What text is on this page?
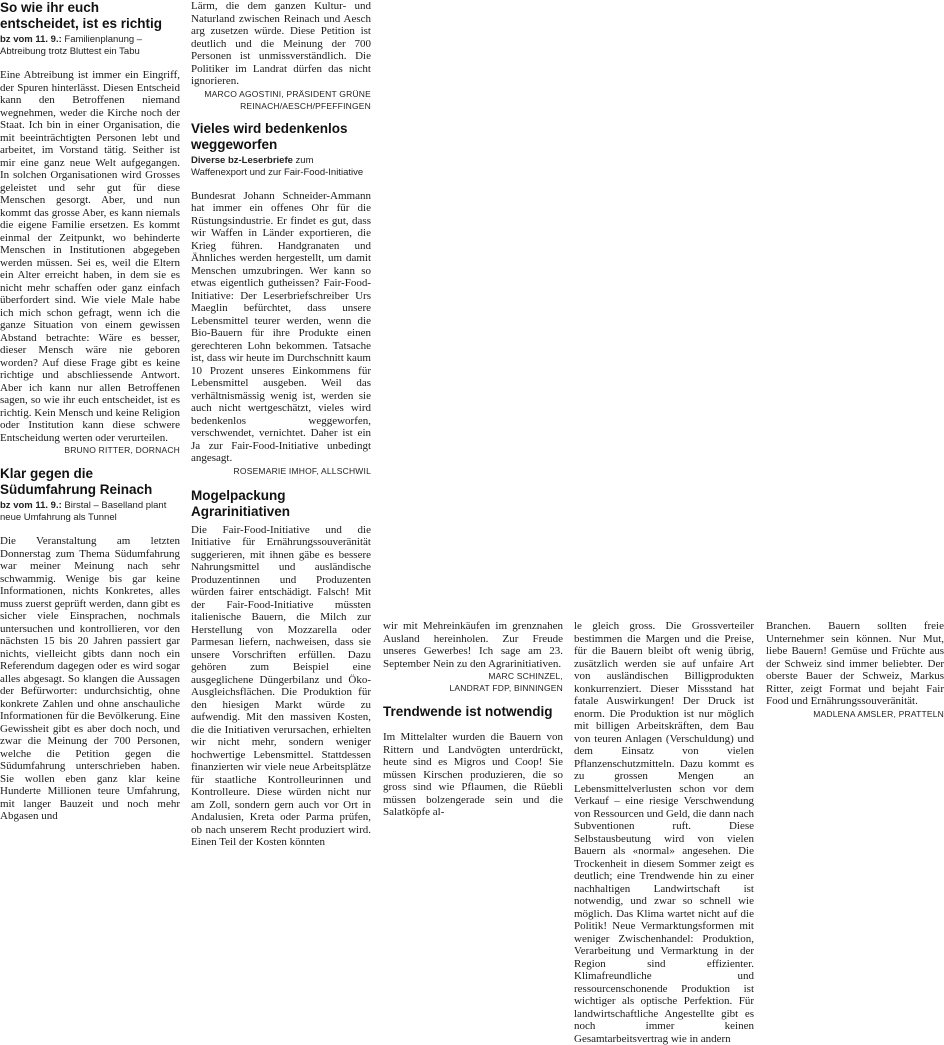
So wie ihr euch entscheidet, ist es richtig

bz vom 11. 9.: Familienplanung – Abtreibung trotz Bluttest ein Tabu

Eine Abtreibung ist immer ein Eingriff, der Spuren hinterlässt. Diesen Entscheid kann den Betroffenen niemand wegnehmen, weder die Kirche noch der Staat. Ich bin in einer Organisation, die mit beeinträchtigten Personen lebt und arbeitet, im Vorstand tätig. Seither ist mir eine ganz neue Welt aufgegangen. In solchen Organisationen wird Grosses geleistet und sehr gut für diese Menschen gesorgt. Aber, und nun kommt das grosse Aber, es kann niemals die eigene Familie ersetzen. Es kommt einmal der Zeitpunkt, wo behinderte Menschen in Institutionen abgegeben werden müssen. Sei es, weil die Eltern ein Alter erreicht haben, in dem sie es nicht mehr schaffen oder ganz einfach überfordert sind. Wie viele Male habe ich mich schon gefragt, wenn ich die ganze Situation von einem gewissen Abstand betrachte: Wäre es besser, dieser Mensch wäre nie geboren worden? Auf diese Frage gibt es keine richtige und abschliessende Antwort. Aber ich kann nur allen Betroffenen sagen, so wie ihr euch entscheidet, ist es richtig. Kein Mensch und keine Religion oder Institution kann diese schwere Entscheidung werten oder verurteilen.

BRUNO RITTER, DORNACH

Klar gegen die Südumfahrung Reinach

bz vom 11. 9.: Birstal – Baselland plant neue Umfahrung als Tunnel

Die Veranstaltung am letzten Donnerstag zum Thema Südumfahrung war meiner Meinung nach sehr schwammig. Wenige bis gar keine Informationen, nichts Konkretes, alles muss zuerst geprüft werden, dann gibt es sicher viele Einsprachen, nochmals untersuchen und kontrollieren, vor den nächsten 15 bis 20 Jahren passiert gar nichts, vielleicht gibts dann noch ein Referendum dagegen oder es wird sogar alles abgesagt. So klangen die Aussagen der Befürworter: undurchsichtig, ohne konkrete Zahlen und ohne anschauliche Informationen für die Bevölkerung. Eine Gewissheit gibt es aber doch noch, und zwar die Meinung der 700 Personen, welche die Petition gegen die Südumfahrung unterschrieben haben. Sie wollen eben ganz klar keine Hunderte Millionen teure Umfahrung, mit langer Bauzeit und noch mehr Abgasen und

Lärm, die dem ganzen Kultur- und Naturland zwischen Reinach und Aesch arg zusetzen würde. Diese Petition ist deutlich und die Meinung der 700 Personen ist unmissverständlich. Die Politiker im Landrat dürfen das nicht ignorieren.

MARCO AGOSTINI, PRÄSIDENT GRÜNE

REINACH/AESCH/PFEFFINGEN

Vieles wird bedenkenlos weggeworfen

Diverse bz-Leserbriefe zum Waffenexport und zur Fair-Food-Initiative

Bundesrat Johann Schneider-Ammann hat immer ein offenes Ohr für die Rüstungsindustrie. Er findet es gut, dass wir Waffen in Länder exportieren, die Krieg führen. Handgranaten und Ähnliches werden hergestellt, um damit Menschen umzubringen. Wer kann so etwas eigentlich gutheissen? Fair-Food-Initiative: Der Leserbriefschreiber Urs Maeglin befürchtet, dass unsere Lebensmittel teurer werden, wenn die Bio-Bauern für ihre Produkte einen gerechteren Lohn bekommen. Tatsache ist, dass wir heute im Durchschnitt kaum 10 Prozent unseres Einkommens für Lebensmittel ausgeben. Weil das verhältnismässig wenig ist, werden sie auch nicht wertgeschätzt, vieles wird bedenkenlos weggeworfen, verschwendet, vernichtet. Daher ist ein Ja zur Fair-Food-Initiative unbedingt angesagt.

ROSEMARIE IMHOF, ALLSCHWIL

Mogelpackung Agrarinitiativen

Die Fair-Food-Initiative und die Initiative für Ernährungssouveränität suggerieren, mit ihnen gäbe es bessere Nahrungsmittel und ausländische Produzentinnen und Produzenten würden fairer entschädigt. Falsch! Mit der Fair-Food-Initiative müssten italienische Bauern, die Milch zur Herstellung von Mozzarella oder Parmesan liefern, nachweisen, dass sie unsere Vorschriften erfüllen. Dazu gehören zum Beispiel eine ausgeglichene Düngerbilanz und Öko-Ausgleichsflächen. Die Produktion für den hiesigen Markt würde zu aufwendig. Mit den massiven Kosten, die die Initiativen verursachen, erhielten wir nicht mehr, sondern weniger hochwertige Lebensmittel. Stattdessen finanzierten wir viele neue Arbeitsplätze für staatliche Kontrolleurinnen und Kontrolleure. Diese würden nicht nur am Zoll, sondern gern auch vor Ort in Andalusien, Kreta oder Parma prüfen, ob nach unserem Recht produziert wird. Einen Teil der Kosten könnten

wir mit Mehreinkäufen im grenznahen Ausland hereinholen. Zur Freude unseres Gewerbes! Ich sage am 23. September Nein zu den Agrarinitiativen.

MARC SCHINZEL,

LANDRAT FDP, BINNINGEN

Trendwende ist notwendig

Im Mittelalter wurden die Bauern von Rittern und Landvögten unterdrückt, heute sind es Migros und Coop! Sie müssen Kirschen produzieren, die so gross sind wie Pflaumen, die Rüebli müssen bolzengerade sein und die Salatköpfe al-

le gleich gross. Die Grossverteiler bestimmen die Margen und die Preise, für die Bauern bleibt oft wenig übrig, zusätzlich werden sie auf unfaire Art von ausländischen Billigprodukten konkurrenziert. Dieser Missstand hat fatale Auswirkungen! Der Druck ist enorm. Die Produktion ist nur möglich mit billigen Arbeitskräften, dem Bau von teuren Anlagen (Verschuldung) und dem Einsatz von vielen Pflanzenschutzmitteln. Dazu kommt es zu grossen Mengen an Lebensmittelverlusten schon vor dem Verkauf – eine riesige Verschwendung von Ressourcen und Geld, die dann nach Subventionen ruft. Diese Selbstausbeutung wird von vielen Bauern als «normal» angesehen. Die Trockenheit in diesem Sommer zeigt es deutlich; eine Trendwende hin zu einer nachhaltigen Landwirtschaft ist notwendig, und zwar so schnell wie möglich. Das Klima wartet nicht auf die Politik! Neue Vermarktungsformen mit weniger Zwischenhandel: Produktion, Verarbeitung und Vermarktung in der Region sind effizienter. Klimafreundliche und ressourcenschonende Produktion ist wichtiger als optische Perfektion. Für landwirtschaftliche Angestellte gibt es noch immer keinen Gesamtarbeitsvertrag wie in andern

Branchen. Bauern sollten freie Unternehmer sein können. Nur Mut, liebe Bauern! Gemüse und Früchte aus der Schweiz sind immer beliebter. Der oberste Bauer der Schweiz, Markus Ritter, zeigt Format und bejaht Fair Food und Ernährungssouveränität.

MADLENA AMSLER, PRATTELN
